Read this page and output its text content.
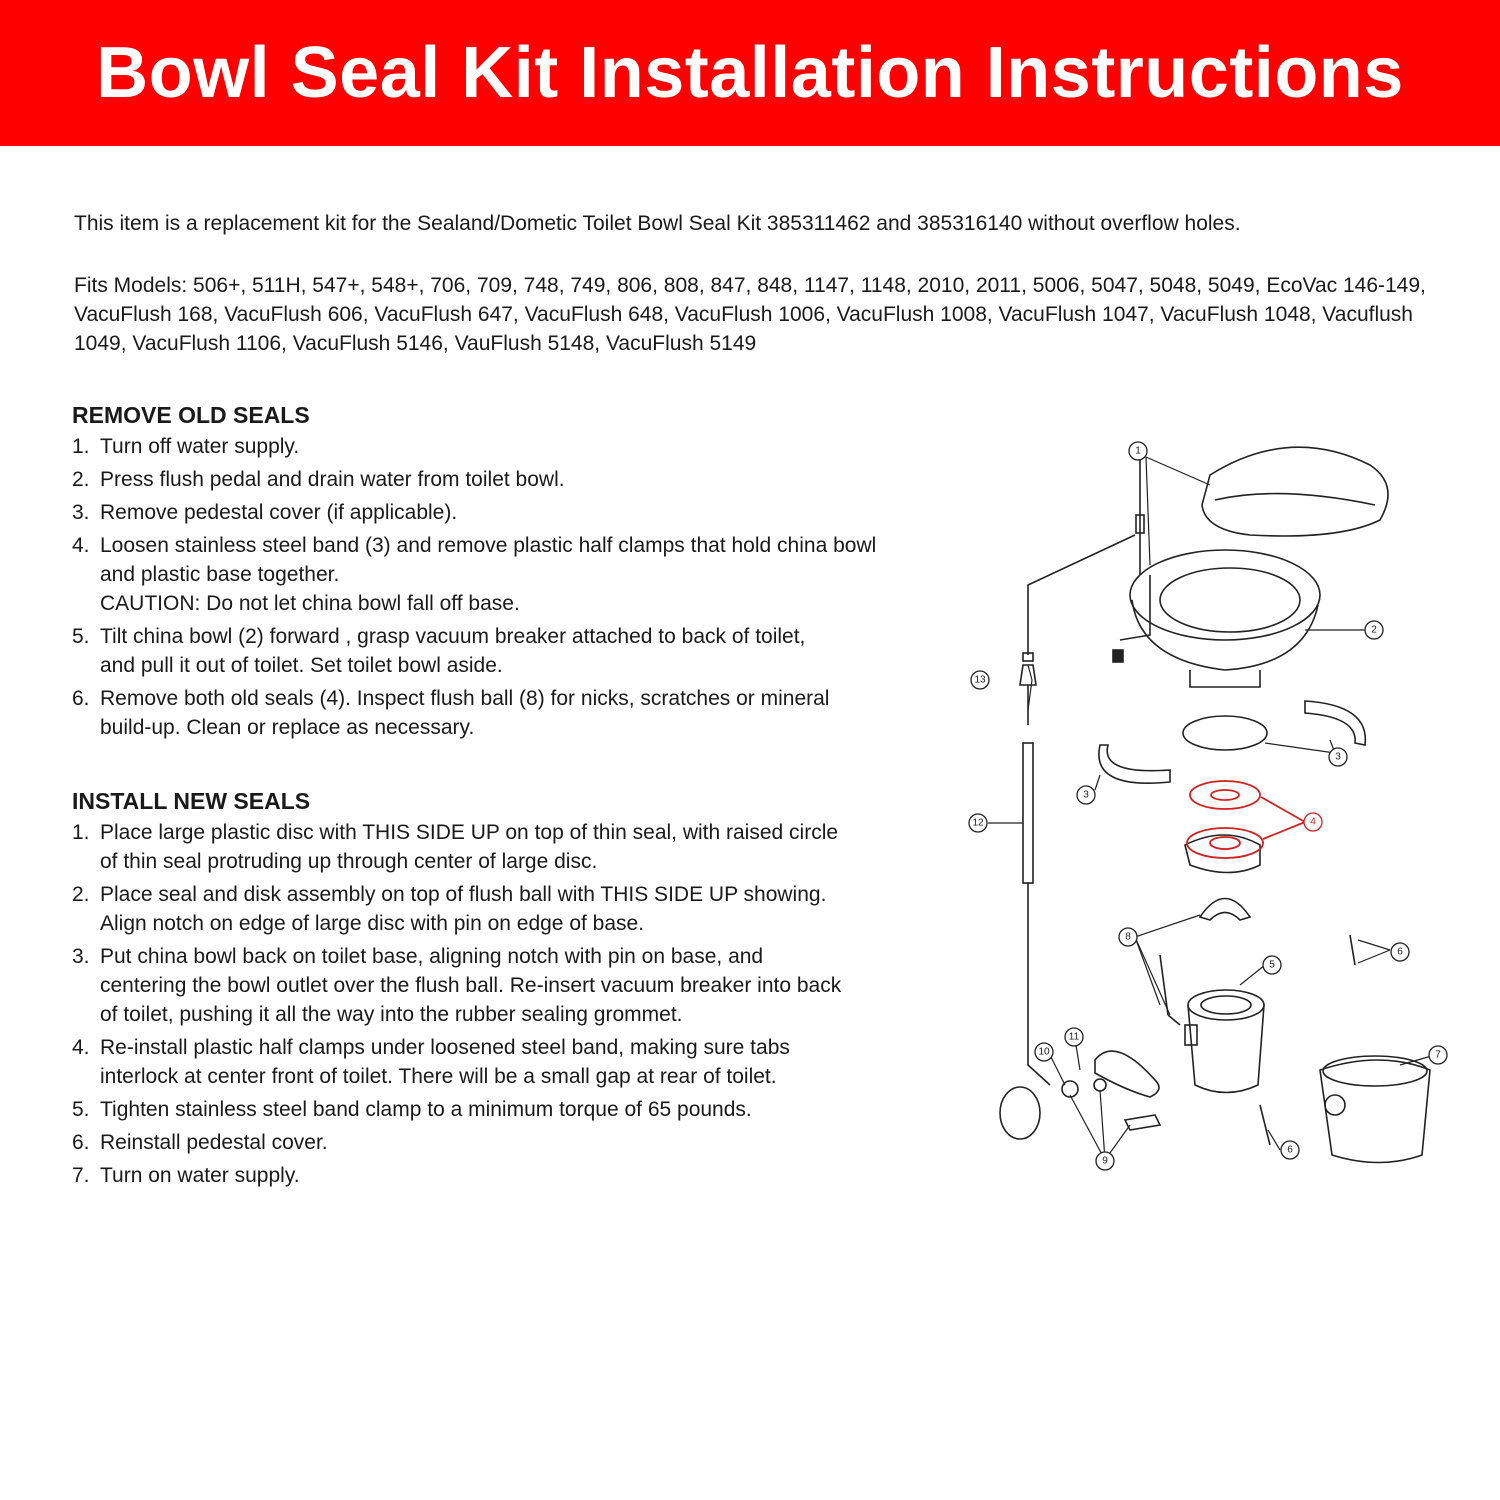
Bowl Seal Kit Installation Instructions

This item is a replacement kit for the Sealand/Dometic Toilet Bowl Seal Kit 385311462 and 385316140 without overflow holes.

Fits Models: 506+, 511H, 547+, 548+, 706, 709, 748, 749, 806, 808, 847, 848, 1147, 1148, 2010, 2011, 5006, 5047, 5048, 5049, EcoVac 146-149, VacuFlush 168, VacuFlush 606, VacuFlush 647, VacuFlush 648, VacuFlush 1006, VacuFlush 1008, VacuFlush 1047, VacuFlush 1048, Vacuflush 1049, VacuFlush 1106, VacuFlush 5146, VauFlush 5148, VacuFlush 5149

REMOVE OLD SEALS
1. Turn off water supply.
2. Press flush pedal and drain water from toilet bowl.
3. Remove pedestal cover (if applicable).
4. Loosen stainless steel band (3) and remove plastic half clamps that hold china bowl
and plastic base together.
CAUTION: Do not let china bowl fall off base.
5. Tilt china bowl (2) forward , grasp vacuum breaker attached to back of toilet,
and pull it out of toilet. Set toilet bowl aside.
6. Remove both old seals (4). Inspect flush ball (8) for nicks, scratches or mineral
build-up. Clean or replace as necessary.
INSTALL NEW SEALS
1. Place large plastic disc with THIS SIDE UP on top of thin seal, with raised circle
of thin seal protruding up through center of large disc.
2. Place seal and disk assembly on top of flush ball with THIS SIDE UP showing.
Align notch on edge of large disc with pin on edge of base.
3. Put china bowl back on toilet base, aligning notch with pin on base, and
centering the bowl outlet over the flush ball. Re-insert vacuum breaker into back
of toilet, pushing it all the way into the rubber sealing grommet.
4. Re-install plastic half clamps under loosened steel band, making sure tabs
interlock at center front of toilet. There will be a small gap at rear of toilet.
5. Tighten stainless steel band clamp to a minimum torque of 65 pounds.
6. Reinstall pedestal cover.
7. Turn on water supply.
1
2
3
3
4
5
6
6
7
8
9
10
11
12
13
